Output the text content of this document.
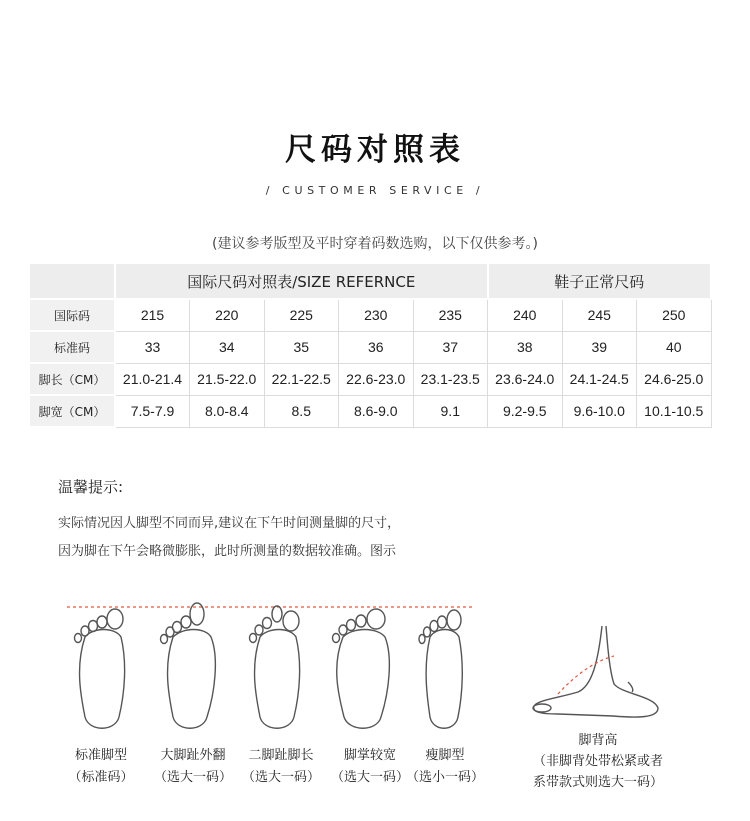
尺码对照表
/ CUSTOMER SERVICE /
(建议参考版型及平时穿着码数选购，以下仅供参考。)
	国际尺码对照表/SIZE REFERNCE					鞋子正常尺码		
国际码	215	220	225	230	235	240	245	250
标准码	33	34	35	36	37	38	39	40
脚长（CM）	21.0-21.4	21.5-22.0	22.1-22.5	22.6-23.0	23.1-23.5	23.6-24.0	24.1-24.5	24.6-25.0
脚宽（CM）	7.5-7.9	8.0-8.4	8.5	8.6-9.0	9.1	9.2-9.5	9.6-10.0	10.1-10.5
温馨提示:
实际情况因人脚型不同而异,建议在下午时间测量脚的尺寸，
因为脚在下午会略微膨胀，此时所测量的数据较准确。图示
标准脚型
（标准码）
大脚趾外翻
（选大一码）
二脚趾脚长
（选大一码）
脚掌较宽
（选大一码）
瘦脚型
（选小一码）
脚背高
（非脚背处带松紧或者
系带款式则选大一码）
